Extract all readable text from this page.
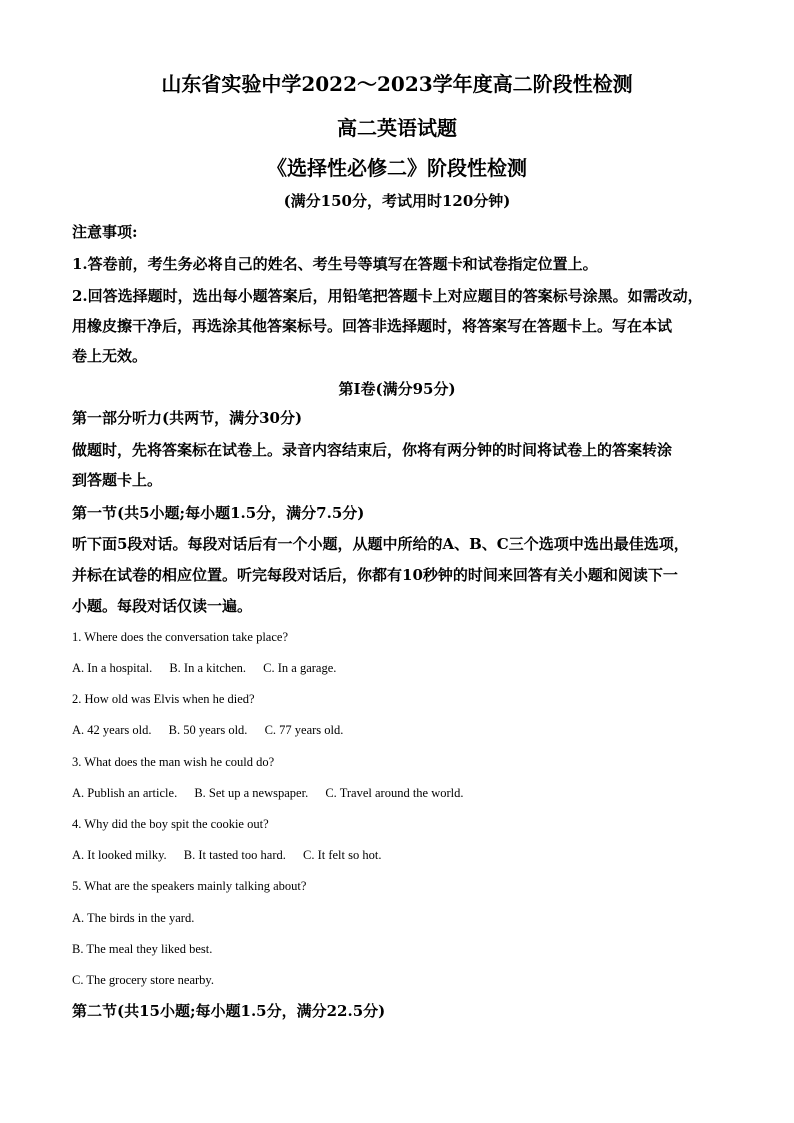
山东省实验中学2022～2023学年度高二阶段性检测
高二英语试题
《选择性必修二》阶段性检测
(满分150分，考试用时120分钟)
注意事项:
1.答卷前，考生务必将自己的姓名、考生号等填写在答题卡和试卷指定位置上。
2.回答选择题时，选出每小题答案后，用铅笔把答题卡上对应题目的答案标号涂黑。如需改动，
用橡皮擦干净后，再选涂其他答案标号。回答非选择题时，将答案写在答题卡上。写在本试
卷上无效。
第Ⅰ卷(满分95分)
第一部分听力(共两节，满分30分)
做题时，先将答案标在试卷上。录音内容结束后，你将有两分钟的时间将试卷上的答案转涂
到答题卡上。
第一节(共5小题;每小题1.5分，满分7.5分)
听下面5段对话。每段对话后有一个小题，从题中所给的A、B、C三个选项中选出最佳选项，
并标在试卷的相应位置。听完每段对话后，你都有10秒钟的时间来回答有关小题和阅读下一
小题。每段对话仅读一遍。
1. Where does the conversation take place?
A. In a hospital. B. In a kitchen. C. In a garage.
2. How old was Elvis when he died?
A. 42 years old. B. 50 years old. C. 77 years old.
3. What does the man wish he could do?
A. Publish an article. B. Set up a newspaper. C. Travel around the world.
4. Why did the boy spit the cookie out?
A. It looked milky. B. It tasted too hard. C. It felt so hot.
5. What are the speakers mainly talking about?
A. The birds in the yard.
B. The meal they liked best.
C. The grocery store nearby.
第二节(共15小题;每小题1.5分，满分22.5分)
